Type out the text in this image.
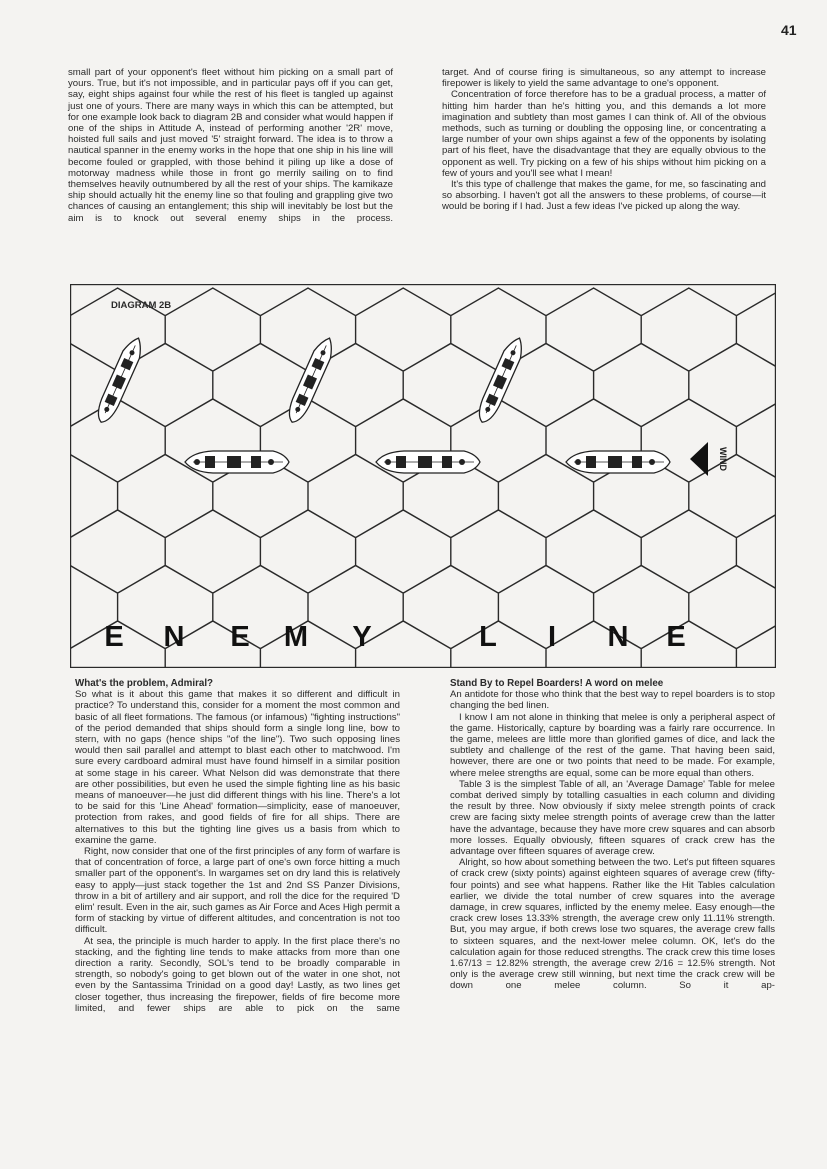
41

small part of your opponent's fleet without him picking on a small part of yours. True, but it's not impossible, and in particular pays off if you can get, say, eight ships against four while the rest of his fleet is tangled up against just one of yours. There are many ways in which this can be attempted, but for one example look back to diagram 2B and consider what would happen if one of the ships in Attitude A, instead of performing another '2R' move, hoisted full sails and just moved '5' straight forward. The idea is to throw a nautical spanner in the enemy works in the hope that one ship in his line will become fouled or grappled, with those behind it piling up like a dose of motorway madness while those in front go merrily sailing on to find themselves heavily outnumbered by all the rest of your ships. The kamikaze ship should actually hit the enemy line so that fouling and grappling give two chances of causing an entanglement; this ship will inevitably be lost but the aim is to knock out several enemy ships in the process.

target. And of course firing is simultaneous, so any attempt to increase firepower is likely to yield the same advantage to one's opponent.

Concentration of force therefore has to be a gradual process, a matter of hitting him harder than he's hitting you, and this demands a lot more imagination and subtlety than most games I can think of. All of the obvious methods, such as turning or doubling the opposing line, or concentrating a large number of your own ships against a few of the opponents by isolating part of his fleet, have the disadvantage that they are equally obvious to the opponent as well. Try picking on a few of his ships without him picking on a few of yours and you'll see what I mean!

It's this type of challenge that makes the game, for me, so fascinating and so absorbing. I haven't got all the answers to these problems, of course—it would be boring if I had. Just a few ideas I've picked up along the way.

DIAGRAM 2B
WIND
E N E M Y	L I N E
What's the problem, Admiral?

So what is it about this game that makes it so different and difficult in practice? To understand this, consider for a moment the most common and basic of all fleet formations. The famous (or infamous) "fighting instructions" of the period demanded that ships should form a single long line, bow to stern, with no gaps (hence ships "of the line"). Two such opposing lines would then sail parallel and attempt to blast each other to matchwood. I'm sure every cardboard admiral must have found himself in a similar position at some stage in his career. What Nelson did was demonstrate that there are other possibilities, but even he used the simple fighting line as his basic means of manoeuver—he just did different things with his line. There's a lot to be said for this 'Line Ahead' formation—simplicity, ease of manoeuver, protection from rakes, and good fields of fire for all ships. There are alternatives to this but the tighting line gives us a basis from which to examine the game.

Right, now consider that one of the first principles of any form of warfare is that of concentration of force, a large part of one's own force hitting a much smaller part of the opponent's. In wargames set on dry land this is relatively easy to apply—just stack together the 1st and 2nd SS Panzer Divisions, throw in a bit of artillery and air support, and roll the dice for the required 'D elim' result. Even in the air, such games as Air Force and Aces High permit a form of stacking by virtue of different altitudes, and concentration is not too difficult.

At sea, the principle is much harder to apply. In the first place there's no stacking, and the fighting line tends to make attacks from more than one direction a rarity. Secondly, SOL's tend to be broadly comparable in strength, so nobody's going to get blown out of the water in one shot, not even by the Santassima Trinidad on a good day! Lastly, as two lines get closer together, thus increasing the firepower, fields of fire become more limited, and fewer ships are able to pick on the same

Stand By to Repel Boarders! A word on melee

An antidote for those who think that the best way to repel boarders is to stop changing the bed linen.

I know I am not alone in thinking that melee is only a peripheral aspect of the game. Historically, capture by boarding was a fairly rare occurrence. In the game, melees are little more than glorified games of dice, and lack the subtlety and challenge of the rest of the game. That having been said, however, there are one or two points that need to be made. For example, where melee strengths are equal, some can be more equal than others.

Table 3 is the simplest Table of all, an 'Average Damage' Table for melee combat derived simply by totalling casualties in each column and dividing the result by three. Now obviously if sixty melee strength points of crack crew are facing sixty melee strength points of average crew than the latter have the advantage, because they have more crew squares and can absorb more losses. Equally obviously, fifteen squares of crack crew has the advantage over fifteen squares of average crew.

Alright, so how about something between the two. Let's put fifteen squares of crack crew (sixty points) against eighteen squares of average crew (fifty-four points) and see what happens. Rather like the Hit Tables calculation earlier, we divide the total number of crew squares into the average damage, in crew squares, inflicted by the enemy melee. Easy enough—the crack crew loses 13.33% strength, the average crew only 11.11% strength. But, you may argue, if both crews lose two squares, the average crew falls to sixteen squares, and the next-lower melee column. OK, let's do the calculation again for those reduced strengths. The crack crew this time loses 1.67/13 = 12.82% strength, the average crew 2/16 = 12.5% strength. Not only is the average crew still winning, but next time the crack crew will be down one melee column. So it ap-
